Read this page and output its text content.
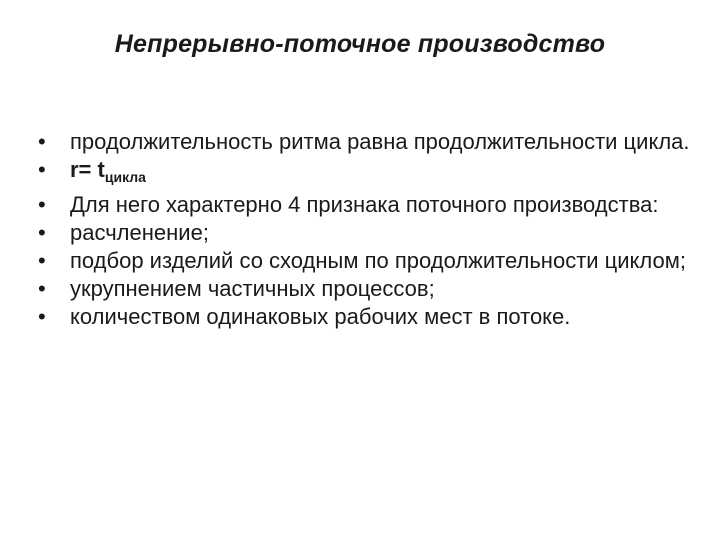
Непрерывно-поточное производство
• продолжительность ритма равна продолжительности цикла.
• $r= t_{цикла}$
• Для него характерно 4 признака поточного производства:
• расчленение;
• подбор изделий со сходным по продолжительности циклом;
• укрупнением частичных процессов;
• количеством одинаковых рабочих мест в потоке.
